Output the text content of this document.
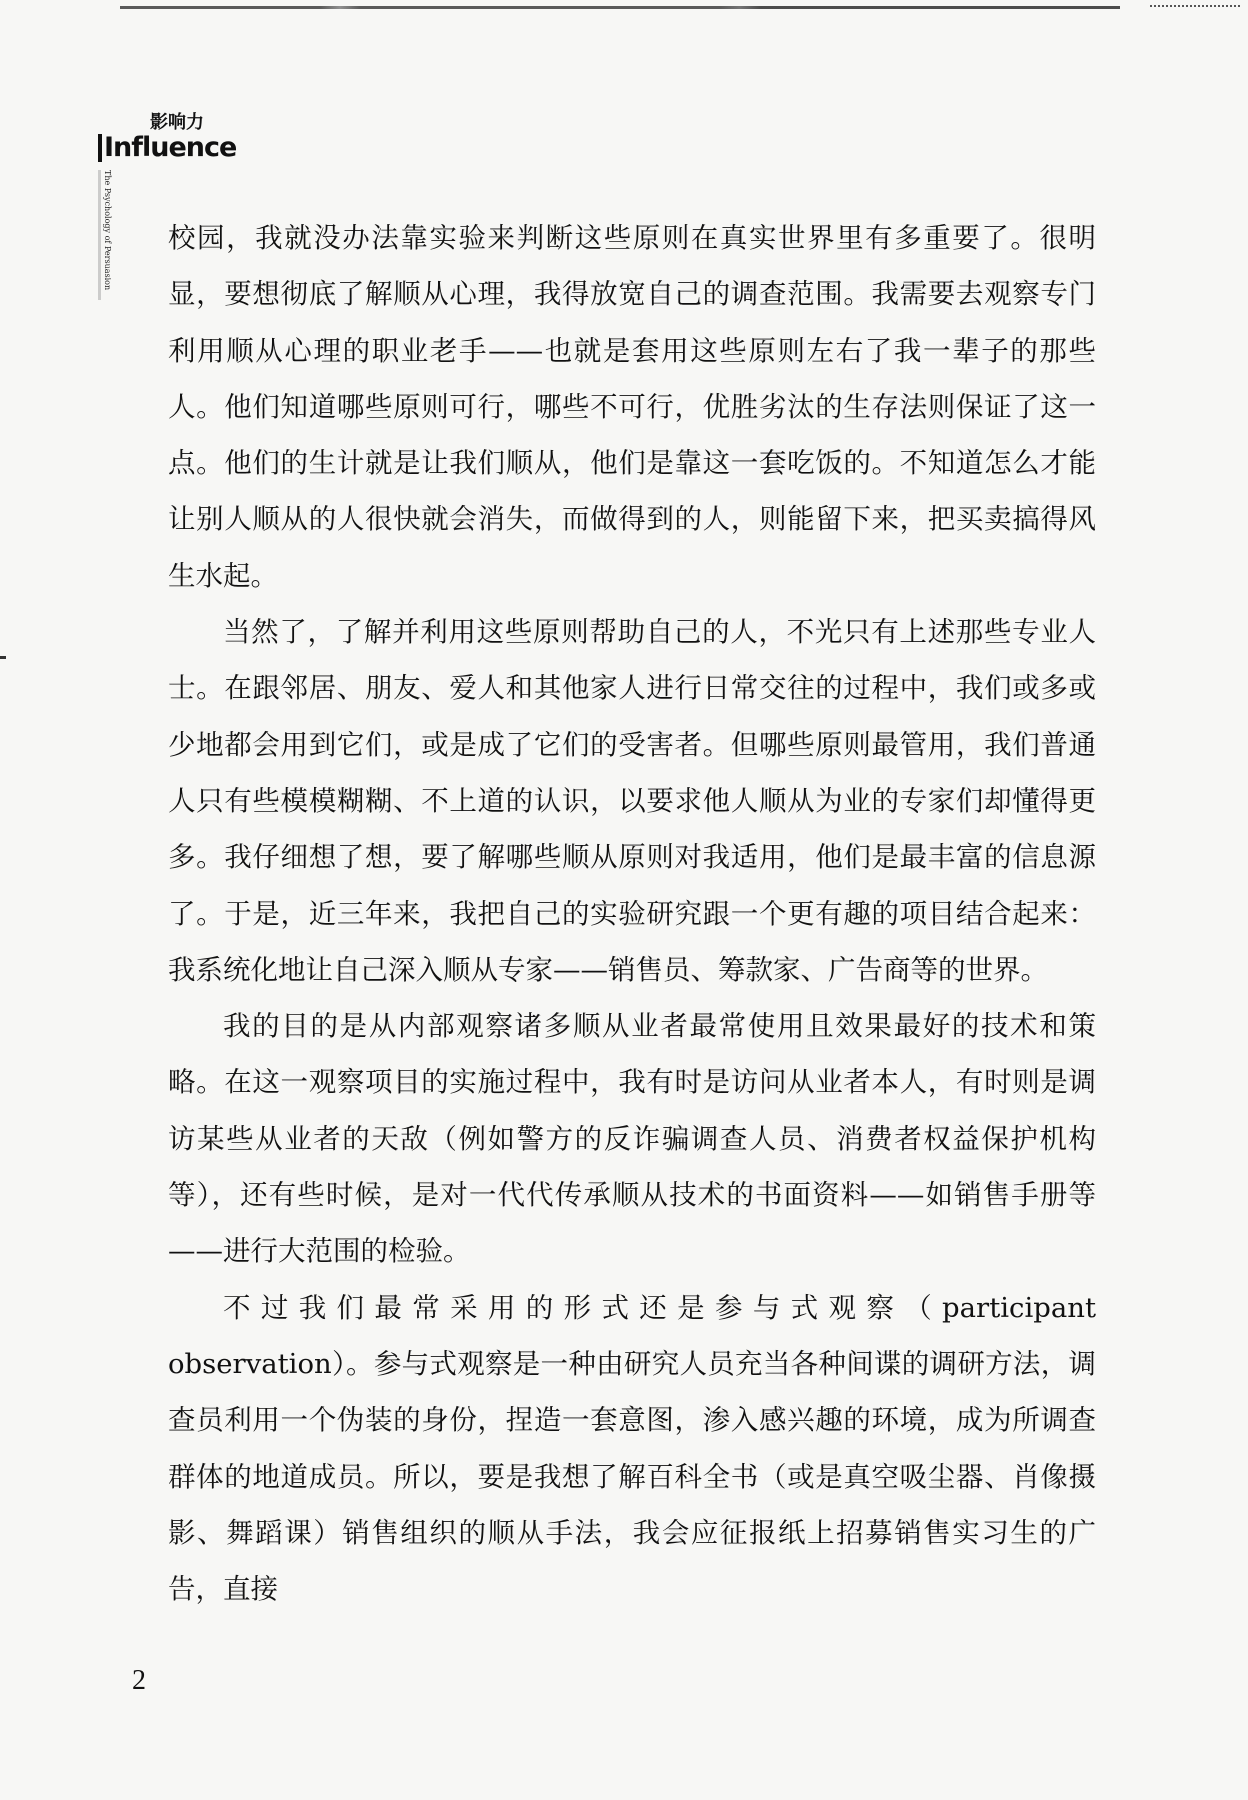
影响力
Influence
The Psychology of Persuasion 校园，我就没办法靠实验来判断这些原则在真实世界里有多重要了。很明显，要想彻底了解顺从心理，我得放宽自己的调查范围。我需要去观察专门利用顺从心理的职业老手——也就是套用这些原则左右了我一辈子的那些人。他们知道哪些原则可行，哪些不可行，优胜劣汰的生存法则保证了这一点。他们的生计就是让我们顺从，他们是靠这一套吃饭的。不知道怎么才能让别人顺从的人很快就会消失，而做得到的人，则能留下来，把买卖搞得风生水起。

当然了，了解并利用这些原则帮助自己的人，不光只有上述那些专业人士。在跟邻居、朋友、爱人和其他家人进行日常交往的过程中，我们或多或少地都会用到它们，或是成了它们的受害者。但哪些原则最管用，我们普通人只有些模模糊糊、不上道的认识，以要求他人顺从为业的专家们却懂得更多。我仔细想了想，要了解哪些顺从原则对我适用，他们是最丰富的信息源了。于是，近三年来，我把自己的实验研究跟一个更有趣的项目结合起来：我系统化地让自己深入顺从专家——销售员、筹款家、广告商等的世界。

我的目的是从内部观察诸多顺从业者最常使用且效果最好的技术和策略。在这一观察项目的实施过程中，我有时是访问从业者本人，有时则是调访某些从业者的天敌（例如警方的反诈骗调查人员、消费者权益保护机构等），还有些时候，是对一代代传承顺从技术的书面资料——如销售手册等——进行大范围的检验。

不过我们最常采用的形式还是参与式观察（participant observation）。参与式观察是一种由研究人员充当各种间谍的调研方法，调查员利用一个伪装的身份，捏造一套意图，渗入感兴趣的环境，成为所调查群体的地道成员。所以，要是我想了解百科全书（或是真空吸尘器、肖像摄影、舞蹈课）销售组织的顺从手法，我会应征报纸上招募销售实习生的广告，直接

2
